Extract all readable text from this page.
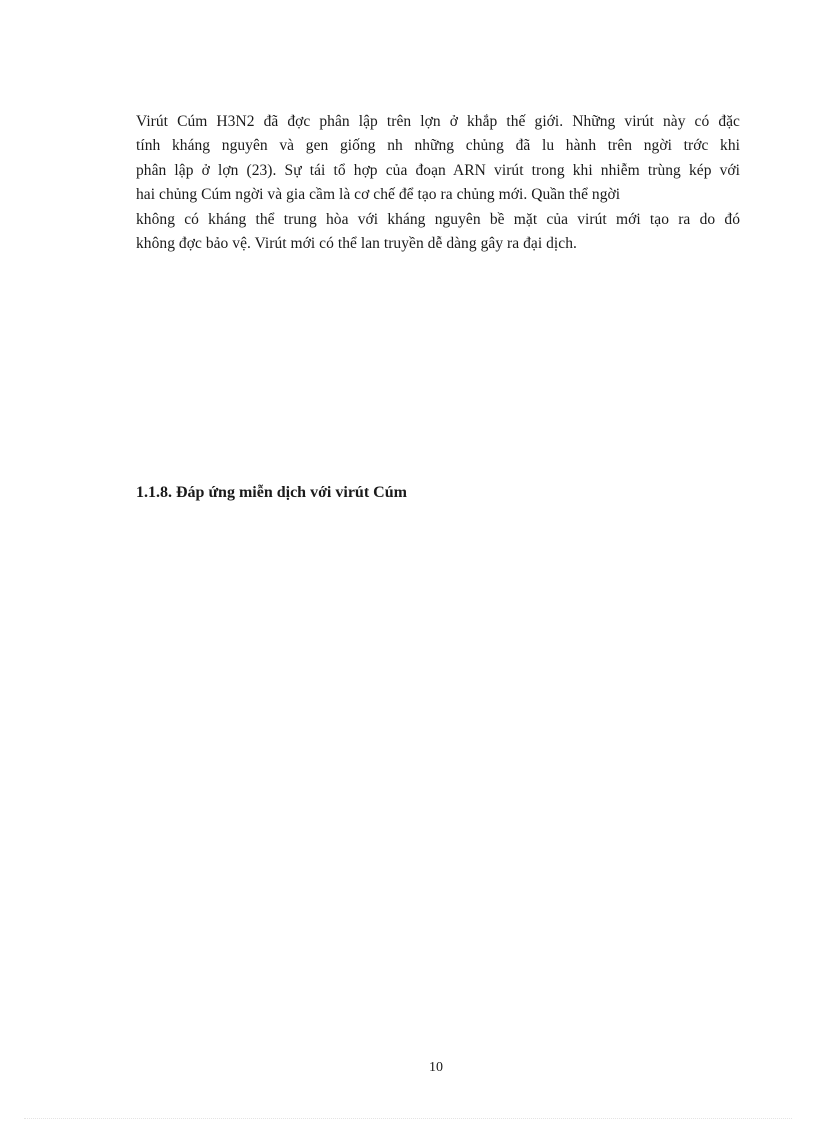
Virút Cúm H3N2 đã đợc phân lập trên lợn ở khắp thế giới. Những virút này có đặc
tính kháng nguyên và gen giống nh những chủng đã lu hành trên ngời trớc khi
phân lập ở lợn (23). Sự tái tổ hợp của đoạn ARN virút trong khi nhiễm trùng kép với
hai chủng Cúm ngời và gia cầm là cơ chế để tạo ra chủng mới. Quần thể ngời
không có kháng thể trung hòa với kháng nguyên bề mặt của virút mới tạo ra do đó
không đợc bảo vệ. Virút mới có thể lan truyền dễ dàng gây ra đại dịch.
1.1.8. Đáp ứng miễn dịch với virút Cúm
10
